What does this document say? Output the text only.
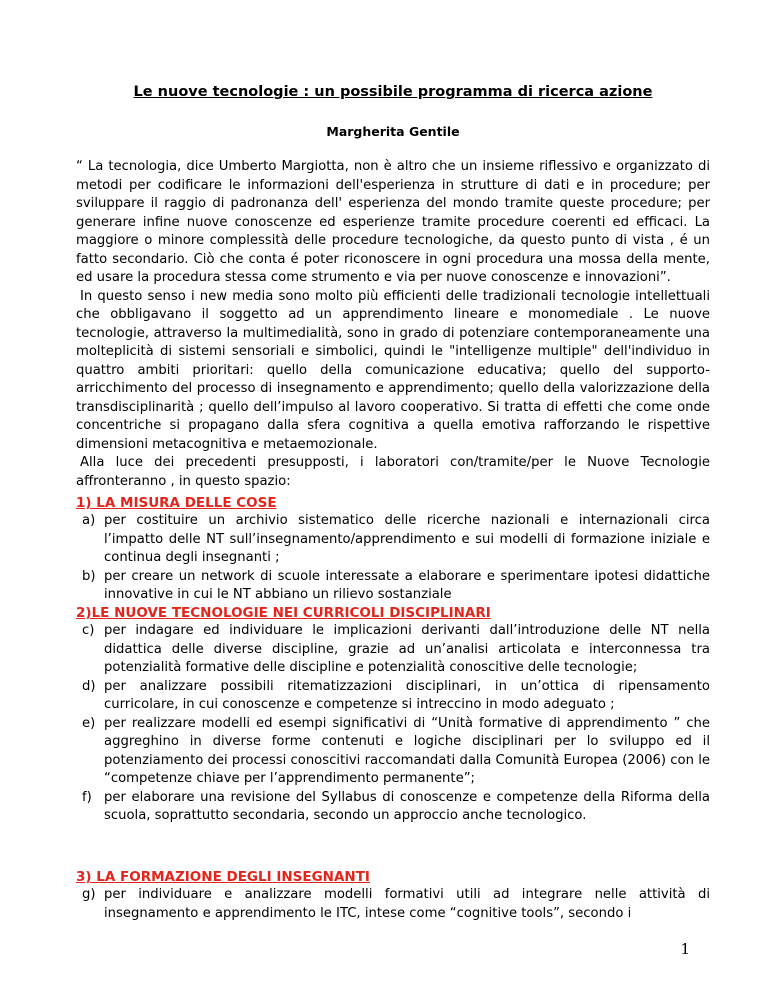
Le nuove tecnologie : un possibile programma di ricerca azione
Margherita Gentile

“ La tecnologia, dice Umberto Margiotta, non è altro che un insieme riflessivo e organizzato di metodi per codificare le informazioni dell'esperienza in strutture di dati e in procedure; per sviluppare il raggio di padronanza dell' esperienza del mondo tramite queste procedure; per generare infine nuove conoscenze ed esperienze tramite procedure coerenti ed efficaci. La maggiore o minore complessità delle procedure tecnologiche, da questo punto di vista , é un fatto secondario. Ciò che conta é poter riconoscere in ogni procedura una mossa della mente, ed usare la procedura stessa come strumento e via per nuove conoscenze e innovazioni”.

In questo senso i new media sono molto più efficienti delle tradizionali tecnologie intellettuali che obbligavano il soggetto ad un apprendimento lineare e monomediale . Le nuove tecnologie, attraverso la multimedialità, sono in grado di potenziare contemporaneamente una molteplicità di sistemi sensoriali e simbolici, quindi le "intelligenze multiple" dell'individuo in quattro ambiti prioritari: quello della comunicazione educativa; quello del supporto-arricchimento del processo di insegnamento e apprendimento; quello della valorizzazione della transdisciplinarità ; quello dell’impulso al lavoro cooperativo. Si tratta di effetti che come onde concentriche si propagano dalla sfera cognitiva a quella emotiva rafforzando le rispettive dimensioni metacognitiva e metaemozionale.

Alla luce dei precedenti presupposti, i laboratori con/tramite/per le Nuove Tecnologie affronteranno , in questo spazio:

1) LA MISURA DELLE COSE

a) per costituire un archivio sistematico delle ricerche nazionali e internazionali circa l’impatto delle NT sull’insegnamento/apprendimento e sui modelli di formazione iniziale e continua degli insegnanti ;
b) per creare un network di scuole interessate a elaborare e sperimentare ipotesi didattiche innovative in cui le NT abbiano un rilievo sostanziale

2)LE NUOVE TECNOLOGIE NEI CURRICOLI DISCIPLINARI

c) per indagare ed individuare le implicazioni derivanti dall’introduzione delle NT nella didattica delle diverse discipline, grazie ad un’analisi articolata e interconnessa tra potenzialità formative delle discipline e potenzialità conoscitive delle tecnologie;
d) per analizzare possibili ritematizzazioni disciplinari, in un’ottica di ripensamento curricolare, in cui conoscenze e competenze si intreccino in modo adeguato ;
e) per realizzare modelli ed esempi significativi di “Unità formative di apprendimento ” che aggreghino in diverse forme contenuti e logiche disciplinari per lo sviluppo ed il potenziamento dei processi conoscitivi raccomandati dalla Comunità Europea (2006) con le “competenze chiave per l’apprendimento permanente”;
f) per elaborare una revisione del Syllabus di conoscenze e competenze della Riforma della scuola, soprattutto secondaria, secondo un approccio anche tecnologico.

3) LA FORMAZIONE DEGLI INSEGNANTI

g) per individuare e analizzare modelli formativi utili ad integrare nelle attività di insegnamento e apprendimento le ITC, intese come “cognitive tools”, secondo i
1
